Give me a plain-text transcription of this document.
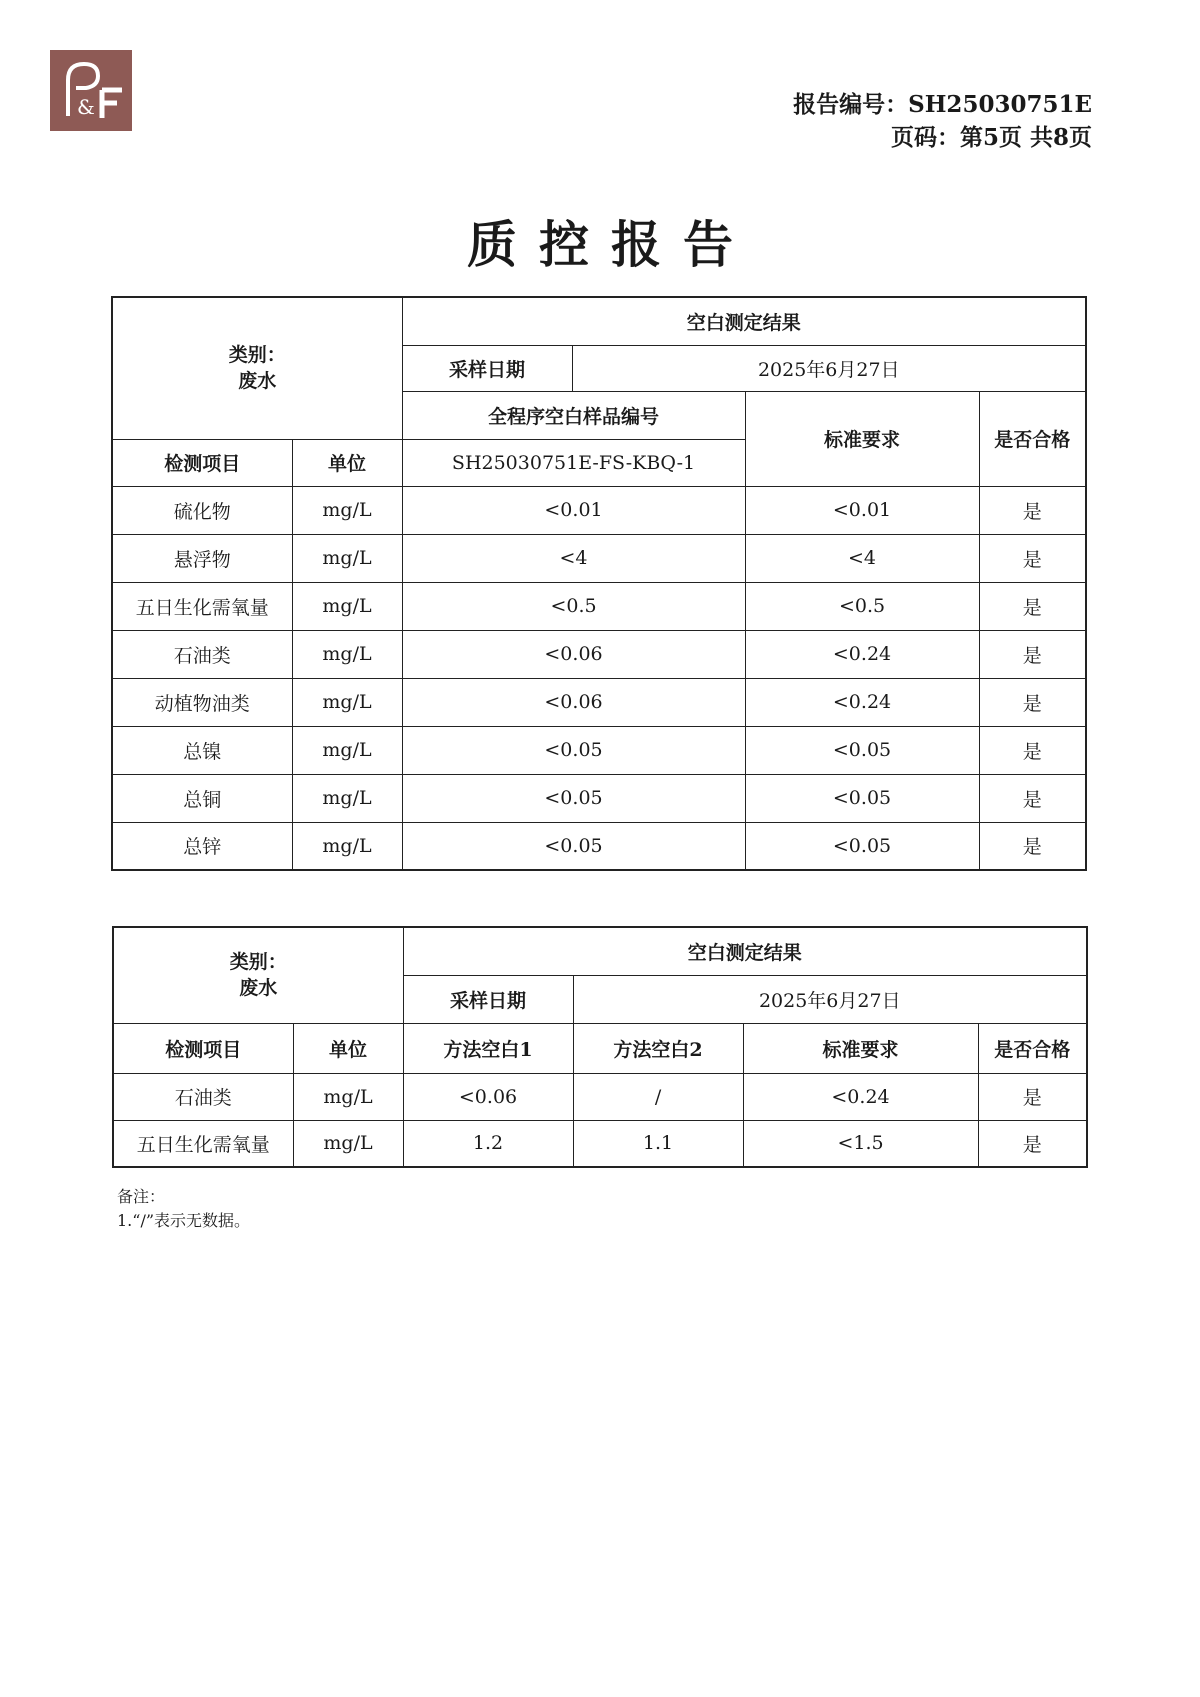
&	报告编号：SH25030751E
页码：第5页 共8页
质控报告
类别：
废水		空白测定结果			
		采样日期	2025年6月27日		
		全程序空白样品编号		标准要求	是否合格
检测项目	单位	SH25030751E-FS-KBQ-1			
硫化物	mg/L	<0.01		<0.01	是
悬浮物	mg/L	<4		<4	是
五日生化需氧量	mg/L	<0.5		<0.5	是
石油类	mg/L	<0.06		<0.24	是
动植物油类	mg/L	<0.06		<0.24	是
总镍	mg/L	<0.05		<0.05	是
总铜	mg/L	<0.05		<0.05	是
总锌	mg/L	<0.05		<0.05	是
类别：
废水		空白测定结果			
		采样日期	2025年6月27日		
检测项目	单位	方法空白1	方法空白2	标准要求	是否合格
石油类	mg/L	<0.06	/	<0.24	是
五日生化需氧量	mg/L	1.2	1.1	<1.5	是
备注：
1.“/”表示无数据。
